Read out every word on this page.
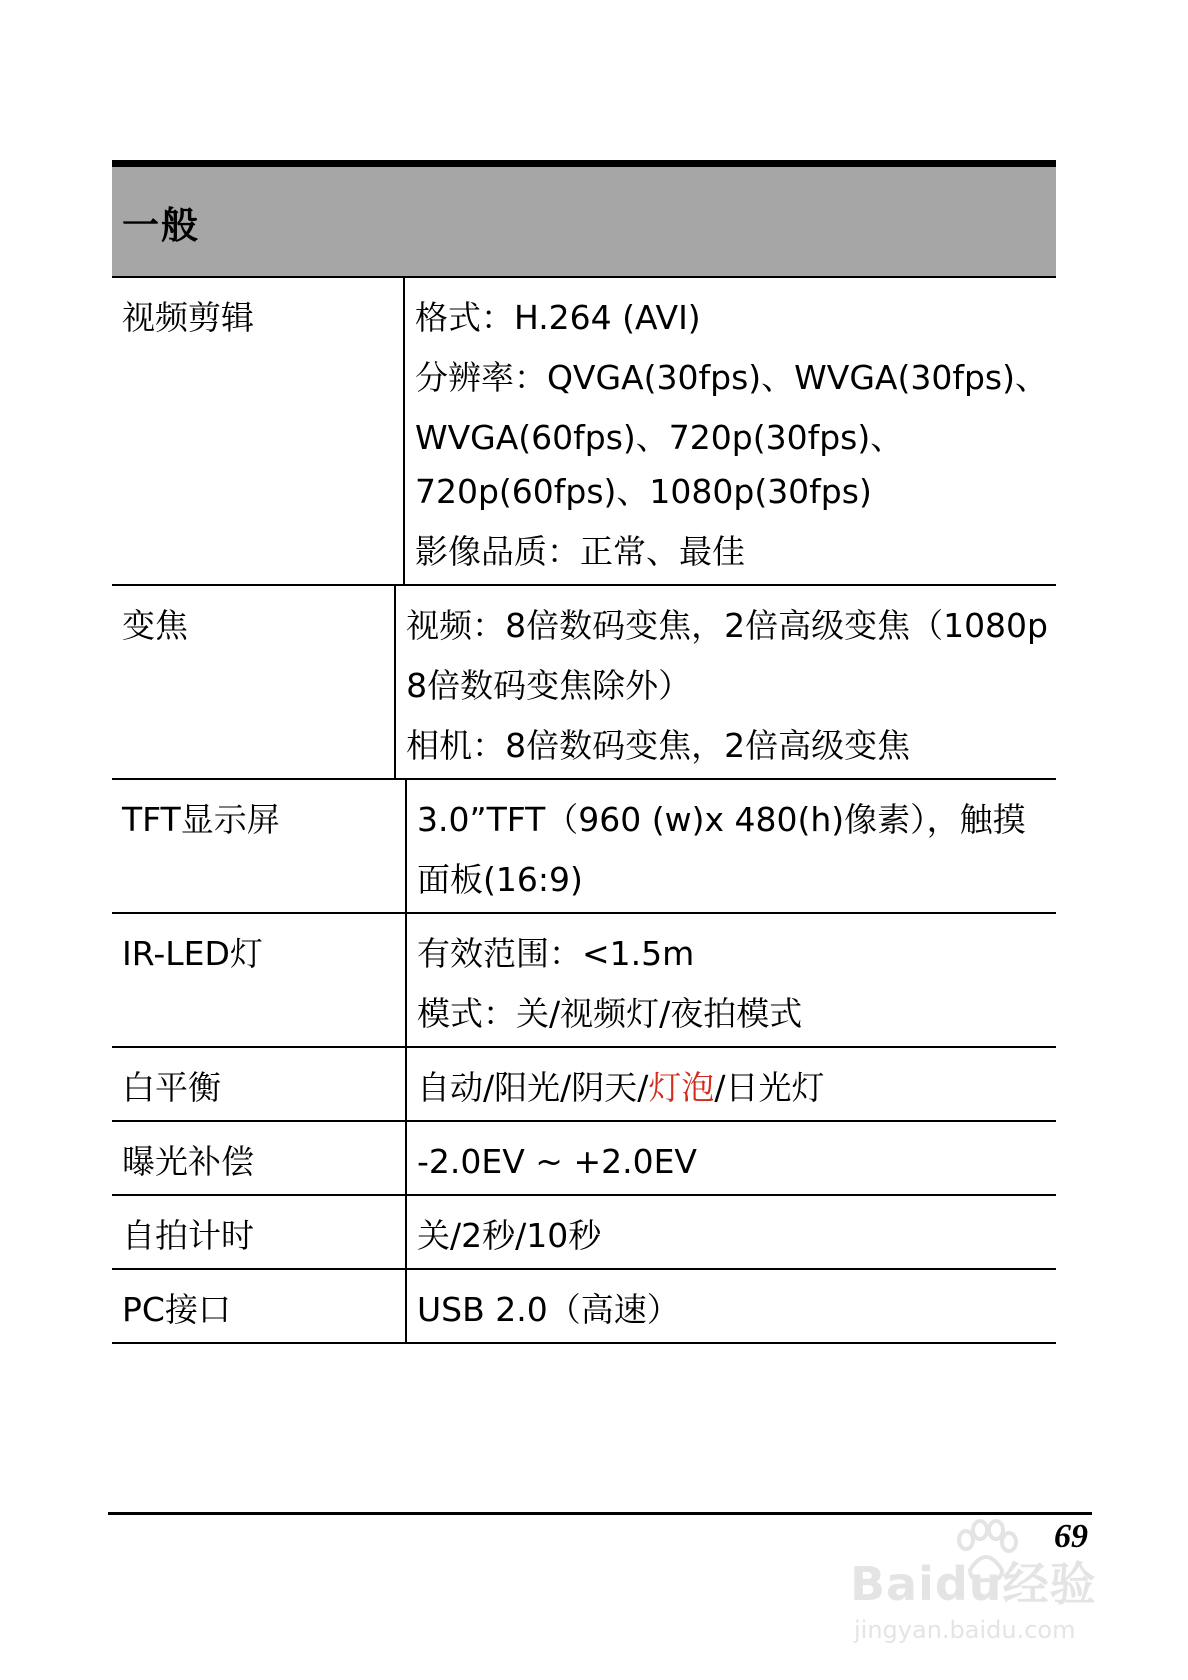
一般
视频剪辑	格式：H.264 (AVI)
分辨率：QVGA(30fps)、WVGA(30fps)、
WVGA(60fps)、720p(30fps)、
720p(60fps)、1080p(30fps)
影像品质：正常、最佳
变焦	视频：8倍数码变焦，2倍高级变焦（1080p
8倍数码变焦除外）
相机：8倍数码变焦，2倍高级变焦
TFT显示屏	3.0”TFT（960 (w)x 480(h)像素），触摸
面板(16:9)
IR-LED灯	有效范围：<1.5m
模式：关/视频灯/夜拍模式
白平衡	自动/阳光/阴天/灯泡/日光灯
曝光补偿	-2.0EV ~ +2.0EV
自拍计时	关/2秒/10秒
PC接口	USB 2.0（高速）
69
Baidu经验
jingyan.baidu.com
